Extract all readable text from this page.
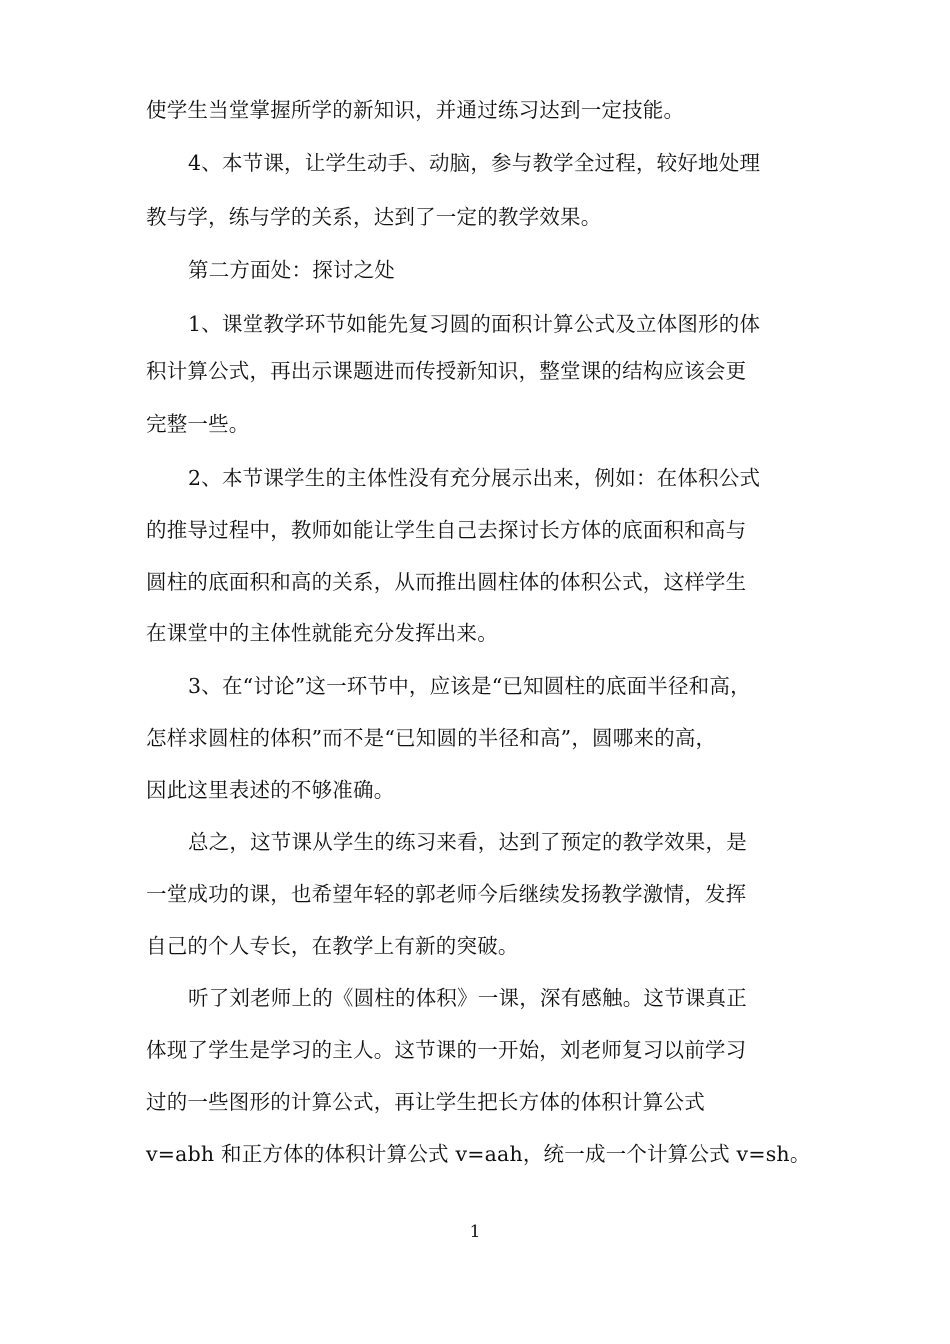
使学生当堂掌握所学的新知识，并通过练习达到一定技能。
4、本节课，让学生动手、动脑，参与教学全过程，较好地处理
教与学，练与学的关系，达到了一定的教学效果。
第二方面处：探讨之处
1、课堂教学环节如能先复习圆的面积计算公式及立体图形的体
积计算公式，再出示课题进而传授新知识，整堂课的结构应该会更
完整一些。
2、本节课学生的主体性没有充分展示出来，例如：在体积公式
的推导过程中，教师如能让学生自己去探讨长方体的底面积和高与
圆柱的底面积和高的关系，从而推出圆柱体的体积公式，这样学生
在课堂中的主体性就能充分发挥出来。
3、在“讨论”这一环节中，应该是“已知圆柱的底面半径和高，
怎样求圆柱的体积”而不是“已知圆的半径和高”，圆哪来的高，
因此这里表述的不够准确。
总之，这节课从学生的练习来看，达到了预定的教学效果，是
一堂成功的课，也希望年轻的郭老师今后继续发扬教学激情，发挥
自己的个人专长，在教学上有新的突破。
听了刘老师上的《圆柱的体积》一课，深有感触。这节课真正
体现了学生是学习的主人。这节课的一开始，刘老师复习以前学习
过的一些图形的计算公式，再让学生把长方体的体积计算公式
v=abh 和正方体的体积计算公式 v=aah，统一成一个计算公式 v=sh。
1
